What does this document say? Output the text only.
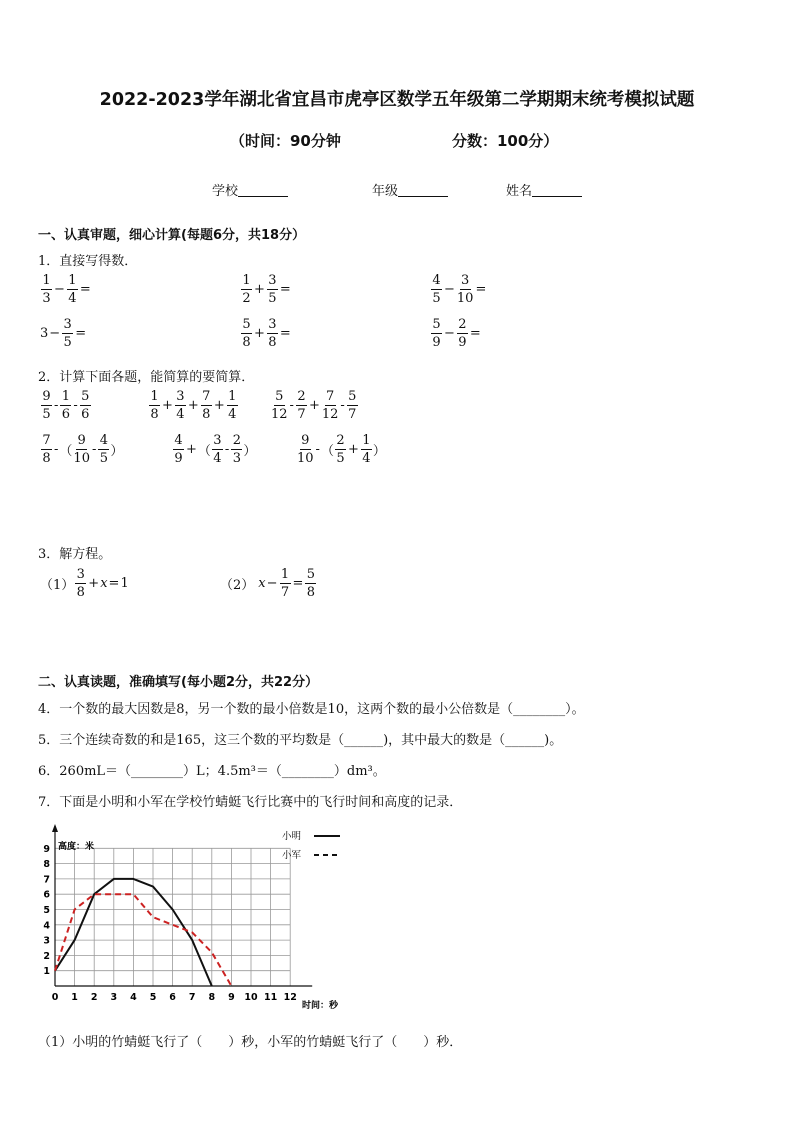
2022-2023学年湖北省宜昌市虎亭区数学五年级第二学期期末统考模拟试题
（时间：90分钟	分数：100分）
学校	年级	姓名
一、认真审题，细心计算(每题6分，共18分）
1．直接写得数．
$\frac{1}{3} - \frac{1}{4}$ =	$\frac{1}{2} + \frac{3}{5}$ =	$\frac{4}{5} - \frac{3}{10}$ =
$3 - \frac{3}{5}$ =	$\frac{5}{8} + \frac{3}{8}$ =	$\frac{5}{9} - \frac{2}{9}$ =
2．计算下面各题，能简算的要简算．
$\frac{9}{5} - \frac{1}{6} - \frac{5}{6}$	$\frac{1}{8} + \frac{3}{4} + \frac{7}{8} + \frac{1}{4}$	$\frac{5}{12} - \frac{2}{7} + \frac{7}{12} - \frac{5}{7}$
$\frac{7}{8}$ - （ $\frac{9}{10} - \frac{4}{5}$ ）	$\frac{4}{9}$ + （ $\frac{3}{4} - \frac{2}{3}$ ）	$\frac{9}{10}$ - （ $\frac{2}{5} + \frac{1}{4}$ ）
3．解方程。
$(1) \frac{3}{8} + x = 1$	（2） $x - \frac{1}{7} = \frac{5}{8}$
二、认真读题，准确填写(每小题2分，共22分）
4．一个数的最大因数是8，另一个数的最小倍数是10，这两个数的最小公倍数是（________）。
5．三个连续奇数的和是165，这三个数的平均数是（______)，其中最大的数是（______)。
6．260mL＝（________）L；4.5m³＝（________）dm³。
7．下面是小明和小军在学校竹蜻蜓飞行比赛中的飞行时间和高度的记录．
0 1 2 3 4 5 6 7 8 9 10 11 12
1
2
3
4
5
6
7
8
9 高度：米
时间：秒
小明
小军
（1）小明的竹蜻蜓飞行了（　　）秒，小军的竹蜻蜓飞行了（　　）秒．
